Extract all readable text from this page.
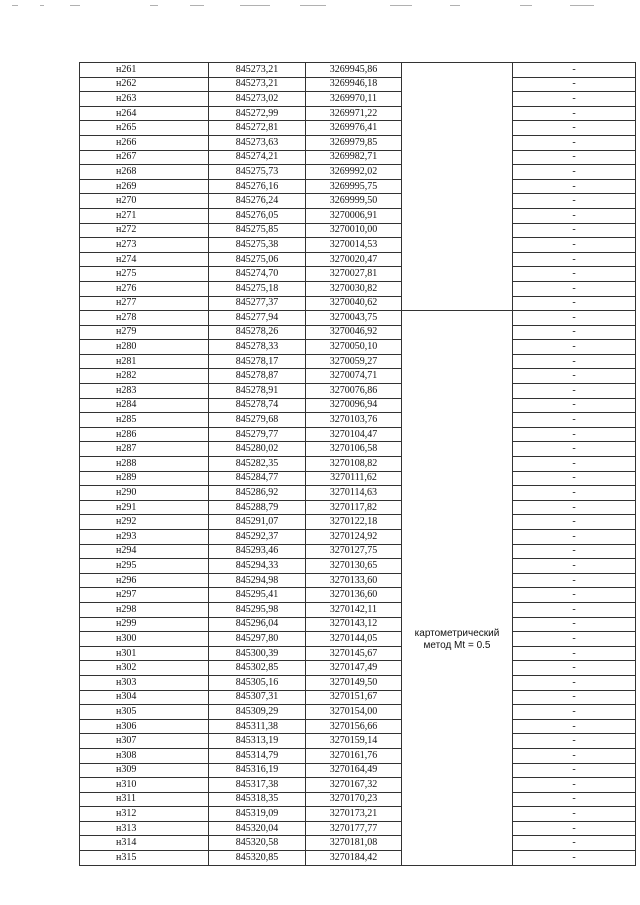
н261	845273,21	3269945,86		-
н262	845273,21	3269946,18		-
н263	845273,02	3269970,11		-
н264	845272,99	3269971,22		-
н265	845272,81	3269976,41		-
н266	845273,63	3269979,85		-
н267	845274,21	3269982,71		-
н268	845275,73	3269992,02		-
н269	845276,16	3269995,75		-
н270	845276,24	3269999,50		-
н271	845276,05	3270006,91		-
н272	845275,85	3270010,00		-
н273	845275,38	3270014,53		-
н274	845275,06	3270020,47		-
н275	845274,70	3270027,81		-
н276	845275,18	3270030,82		-
н277	845277,37	3270040,62		-
н278	845277,94	3270043,75	картометрический метод Mt = 0.5	-
н279	845278,26	3270046,92		-
н280	845278,33	3270050,10		-
н281	845278,17	3270059,27		-
н282	845278,87	3270074,71		-
н283	845278,91	3270076,86		-
н284	845278,74	3270096,94		-
н285	845279,68	3270103,76		-
н286	845279,77	3270104,47		-
н287	845280,02	3270106,58		-
н288	845282,35	3270108,82		-
н289	845284,77	3270111,62		-
н290	845286,92	3270114,63		-
н291	845288,79	3270117,82		-
н292	845291,07	3270122,18		-
н293	845292,37	3270124,92		-
н294	845293,46	3270127,75		-
н295	845294,33	3270130,65		-
н296	845294,98	3270133,60		-
н297	845295,41	3270136,60		-
н298	845295,98	3270142,11		-
н299	845296,04	3270143,12		-
н300	845297,80	3270144,05		-
н301	845300,39	3270145,67		-
н302	845302,85	3270147,49		-
н303	845305,16	3270149,50		-
н304	845307,31	3270151,67		-
н305	845309,29	3270154,00		-
н306	845311,38	3270156,66		-
н307	845313,19	3270159,14		-
н308	845314,79	3270161,76		-
н309	845316,19	3270164,49		-
н310	845317,38	3270167,32		-
н311	845318,35	3270170,23		-
н312	845319,09	3270173,21		-
н313	845320,04	3270177,77		-
н314	845320,58	3270181,08		-
н315	845320,85	3270184,42		-
